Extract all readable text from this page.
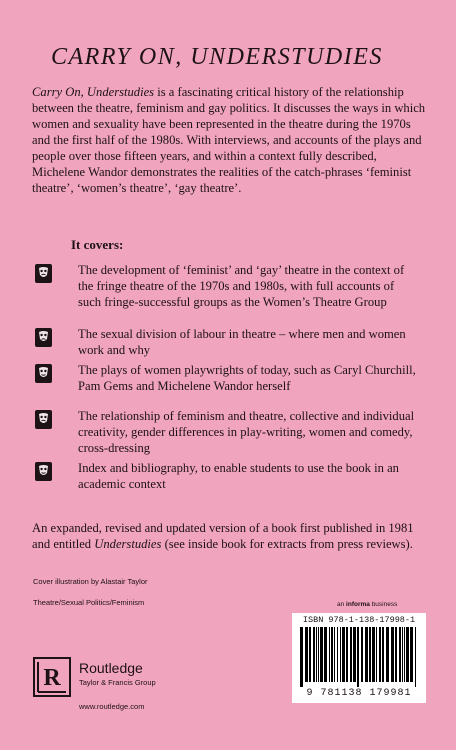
CARRY ON, UNDERSTUDIES

Carry On, Understudies is a fascinating critical history of the relationship between the theatre, feminism and gay politics. It discusses the ways in which women and sexuality have been represented in the theatre during the 1970s and the first half of the 1980s. With interviews, and accounts of the plays and people over those fifteen years, and within a context fully described, Michelene Wandor demonstrates the realities of the catch-phrases ‘feminist theatre’, ‘women’s theatre’, ‘gay theatre’.

It covers:
The development of ‘feminist’ and ‘gay’ theatre in the context of the fringe theatre of the 1970s and 1980s, with full accounts of such fringe-successful groups as the Women’s Theatre Group
The sexual division of labour in theatre – where men and women work and why
The plays of women playwrights of today, such as Caryl Churchill, Pam Gems and Michelene Wandor herself
The relationship of feminism and theatre, collective and individual creativity, gender differences in play-writing, women and comedy, cross-dressing
Index and bibliography, to enable students to use the book in an academic context

An expanded, revised and updated version of a book first published in 1981 and entitled Understudies (see inside book for extracts from press reviews).

Cover illustration by Alastair Taylor
Theatre/Sexual Politics/Feminism	an informa business
ISBN 978-1-138-17998-1
9 781138 179981
R Routledge
Taylor & Francis Group
www.routledge.com
